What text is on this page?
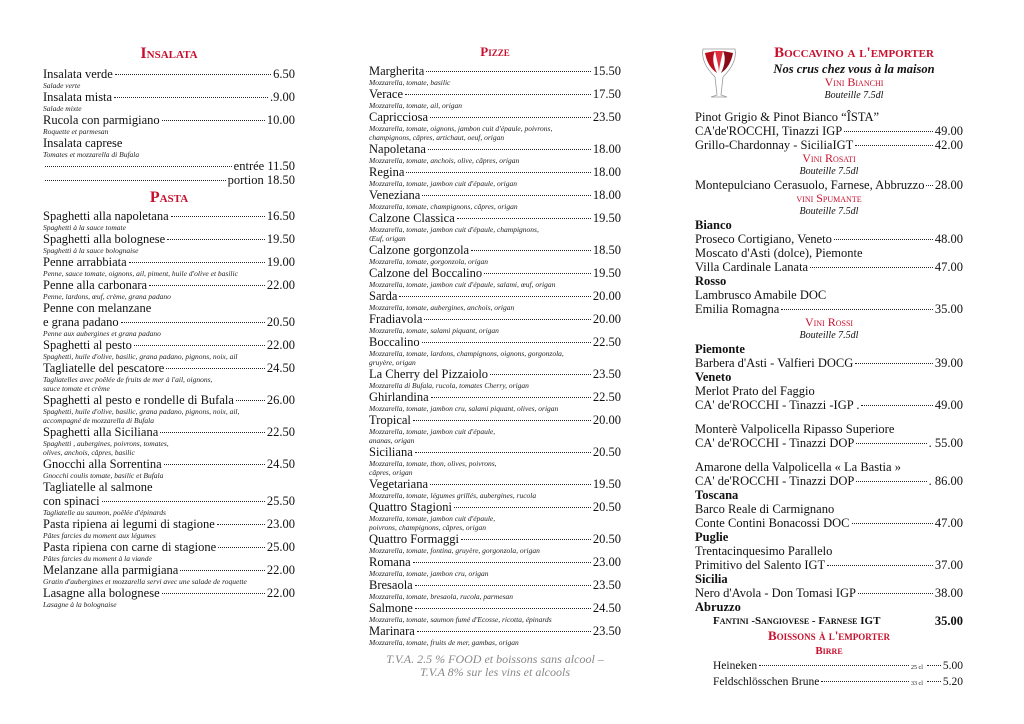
Insalata
Insalata verde	6.50
Salade verte
Insalata mista	.9.00
Salade mixte
Rucola con parmigiano	10.00
Roquette et parmesan
Insalata caprese
Tomates et mozzarella di Bufala
entrée 11.50
portion 18.50
Pasta
Spaghetti alla napoletana	16.50
Spaghetti à la sauce tomate
Spaghetti alla bolognese	19.50
Spaghetti à la sauce bolognaise
Penne arrabbiata	19.00
Penne, sauce tomate, oignons, ail, piment, huile d'olive et basilic
Penne alla carbonara	22.00
Penne, lardons, œuf, crème, grana padano
Penne con melanzane
e grana padano	20.50
Penne aux aubergines et grana padano
Spaghetti al pesto	22.00
Spaghetti, huile d'olive, basilic, grana padano, pignons, noix, ail
Tagliatelle del pescatore	24.50
Tagliatelles avec poêlée de fruits de mer à l'ail, oignons,
sauce tomate et crème
Spaghetti al pesto e rondelle di Bufala	26.00
Spaghetti, huile d'olive, basilic, grana padano, pignons, noix, ail,
accompagné de mozzarella di Bufala
Spaghetti alla Siciliana	22.50
Spaghetti , aubergines, poivrons, tomates,
olives, anchois, câpres, basilic
Gnocchi alla Sorrentina	24.50
Gnocchi coulis tomate, basilic et Bufala
Tagliatelle al salmone
con spinaci	25.50
Tagliatelle au saumon, poêlée d'épinards
Pasta ripiena ai legumi di stagione	23.00
Pâtes farcies du moment aux légumes
Pasta ripiena con carne di stagione	25.00
Pâtes farcies du moment à la viande
Melanzane alla parmigiana	22.00
Gratin d'aubergines et mozzarella servi avec une salade de roquette
Lasagne alla bolognese	22.00
Lasagne à la bolognaise
Pizze
Margherita	15.50
Mozzarella, tomate, basilic
Verace	17.50
Mozzarella, tomate, ail, origan
Capricciosa	23.50
Mozzarella, tomate, oignons, jambon cuit d'épaule, poivrons,
champignons, câpres, artichaut, oeuf, origan
Napoletana	18.00
Mozzarella, tomate, anchois, olive, câpres, origan
Regina	18.00
Mozzarella, tomate, jambon cuit d'épaule, origan
Veneziana	18.00
Mozzarella, tomate, champignons, câpres, origan
Calzone Classica	19.50
Mozzarella, tomate, jambon cuit d'épaule, champignons,
Œuf, origan
Calzone gorgonzola	18.50
Mozzarella, tomate, gorgonzola, origan
Calzone del Boccalino	19.50
Mozzarella, tomate, jambon cuit d'épaule, salami, œuf, origan
Sarda	20.00
Mozzarella, tomate, aubergines, anchois, origan
Fradiavola	20.00
Mozzarella, tomate, salami piquant, origan
Boccalino	22.50
Mozzarella, tomate, lardons, champignons, oignons, gorgonzola,
gruyère, origan
La Cherry del Pizzaiolo	23.50
Mozzarella di Bufala, rucola, tomates Cherry, origan
Ghirlandina	22.50
Mozzarella, tomate, jambon cru, salami piquant, olives, origan
Tropical	20.00
Mozzarella, tomate, jambon cuit d'épaule,
ananas, origan
Siciliana	20.50
Mozzarella, tomate, thon, olives, poivrons,
câpres, origan
Vegetariana	19.50
Mozzarella, tomate, légumes grillés, aubergines, rucola
Quattro Stagioni	20.50
Mozzarella, tomate, jambon cuit d'épaule,
poivrons, champignons, câpres, origan
Quattro Formaggi	20.50
Mozzarella, tomate, fontina, gruyère, gorgonzola, origan
Romana	23.00
Mozzarella, tomate, jambon cru, origan
Bresaola	23.50
Mozzarella, tomate, bresaola, rucola, parmesan
Salmone	24.50
Mozzarella, tomate, saumon fumé d'Ecosse, ricotta, épinards
Marinara	23.50
Mozzarella, tomate, fruits de mer, gambas, origan
T.V.A. 2.5 % FOOD et boissons sans alcool –
T.V.A 8% sur les vins et alcools
Boccavino a l'emporter
Nos crus chez vous à la maison
Vini Bianchi
Bouteille 7.5dl
Pinot Grigio & Pinot Bianco “ÎSTA”
CA'de'ROCCHI, Tinazzi IGP	49.00
Grillo-Chardonnay - SiciliaIGT	42.00
Vini Rosati
Bouteille 7.5dl
Montepulciano Cerasuolo, Farnese, Abbruzzo 28.00
vini Spumante
Bouteille 7.5dl
Bianco
Proseco Cortigiano, Veneto	48.00
Moscato d'Asti (dolce), Piemonte
Villa Cardinale Lanata	47.00
Rosso
Lambrusco Amabile DOC
Emilia Romagna	35.00
Vini Rossi
Bouteille 7.5dl
Piemonte
Barbera d'Asti - Valfieri DOCG	39.00
Veneto
Merlot Prato del Faggio
CA' de'ROCCHI - Tinazzi -IGP .	49.00
Monterè Valpolicella Ripasso Superiore
CA' de'ROCCHI - Tinazzi DOP	. 55.00
Amarone della Valpolicella « La Bastia »
CA' de'ROCCHI - Tinazzi DOP	. 86.00
Toscana
Barco Reale di Carmignano
Conte Contini Bonacossi DOC	47.00
Puglie
Trentacinquesimo Parallelo
Primitivo del Salento IGT	37.00
Sicilia
Nero d'Avola - Don Tomasi IGP	38.00
Abruzzo
Fantini -Sangiovese - Farnese IGT	35.00
Boissons à l'emporter
Birre
Heineken	25 cl 5.00
Feldschlösschen Brune	33 cl 5.20
